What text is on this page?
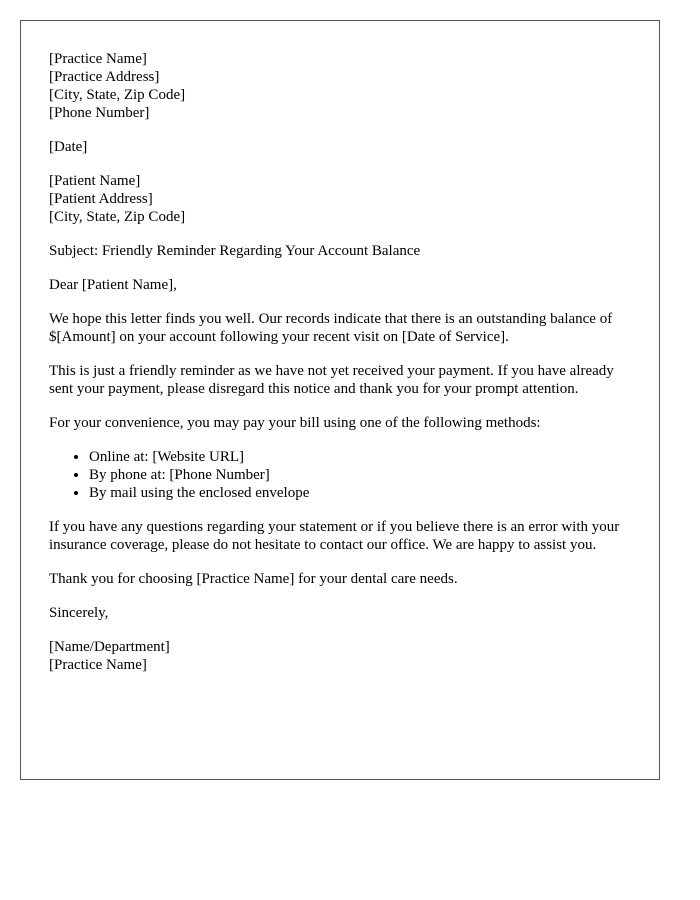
[Practice Name]
[Practice Address]
[City, State, Zip Code]
[Phone Number]
[Date]
[Patient Name]
[Patient Address]
[City, State, Zip Code]

Subject: Friendly Reminder Regarding Your Account Balance

Dear [Patient Name],

We hope this letter finds you well. Our records indicate that there is an outstanding balance of $[Amount] on your account following your recent visit on [Date of Service].

This is just a friendly reminder as we have not yet received your payment. If you have already sent your payment, please disregard this notice and thank you for your prompt attention.

For your convenience, you may pay your bill using one of the following methods:

• Online at: [Website URL]
• By phone at: [Phone Number]
• By mail using the enclosed envelope

If you have any questions regarding your statement or if you believe there is an error with your insurance coverage, please do not hesitate to contact our office. We are happy to assist you.

Thank you for choosing [Practice Name] for your dental care needs.

Sincerely,

[Name/Department]
[Practice Name]
